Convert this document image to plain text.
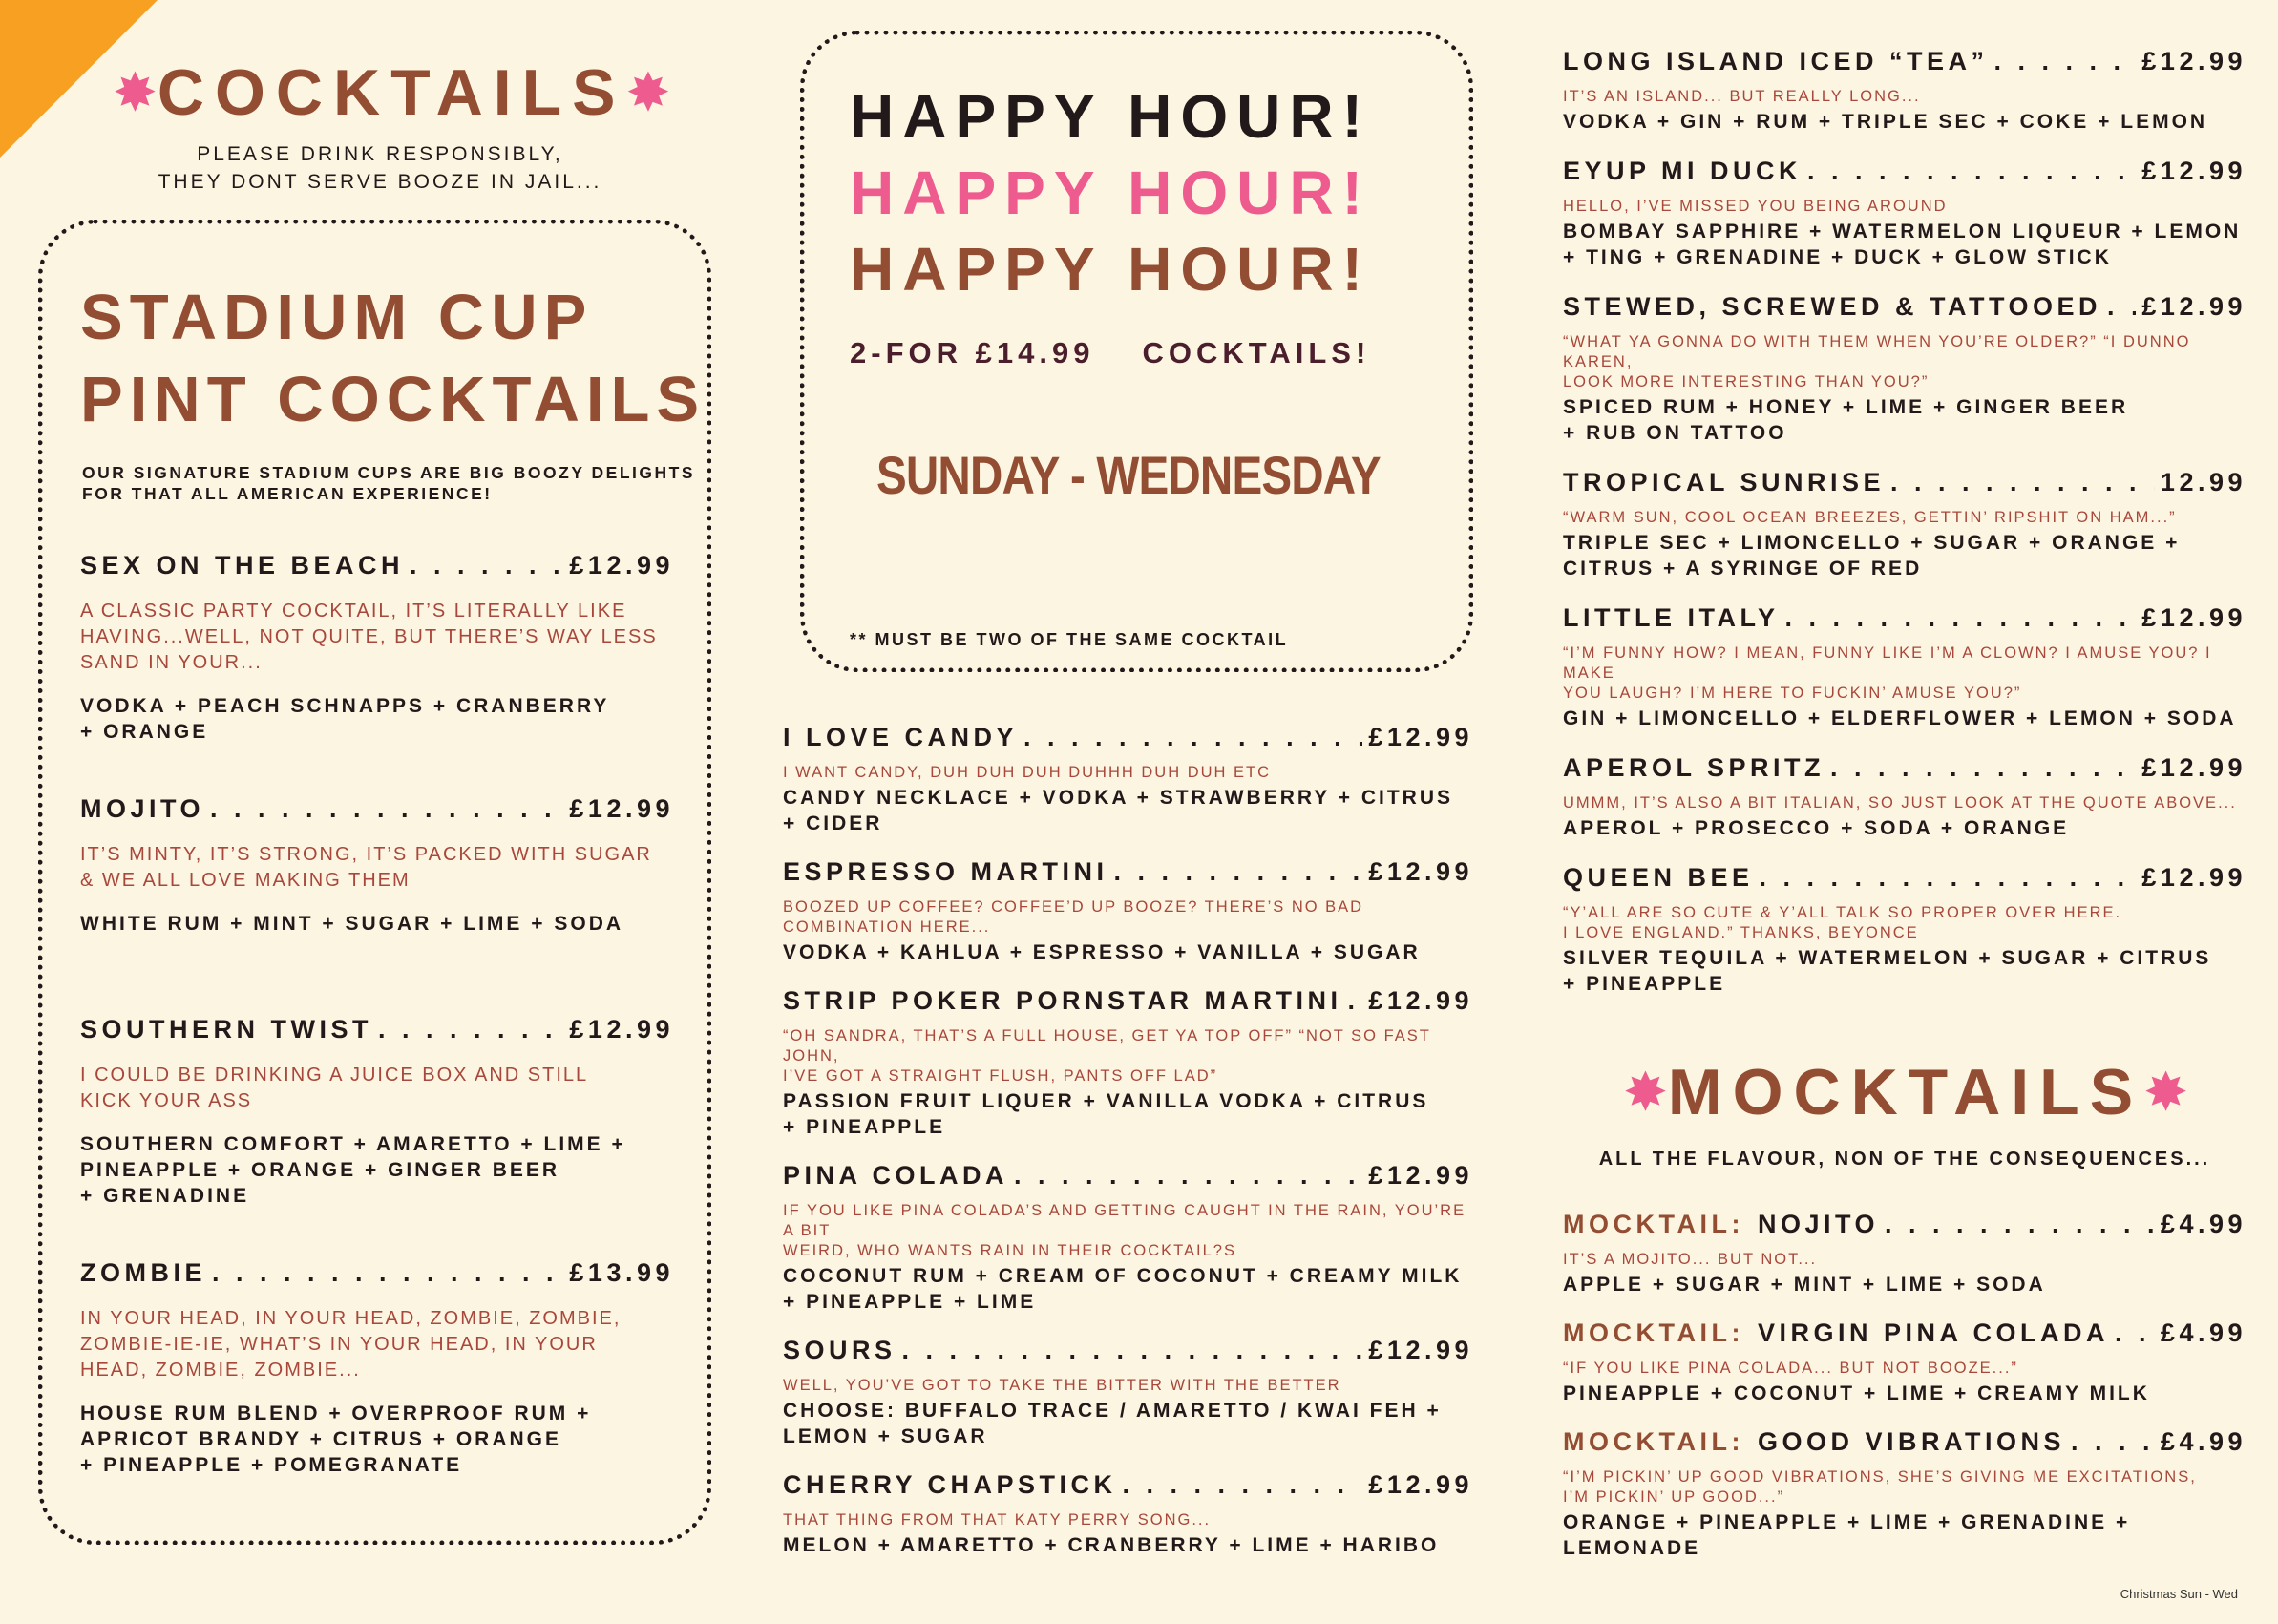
✸ COCKTAILS ✸
PLEASE DRINK RESPONSIBLY,
THEY DONT SERVE BOOZE IN JAIL...
STADIUM CUP
PINT COCKTAILS
OUR SIGNATURE STADIUM CUPS ARE BIG BOOZY DELIGHTS
FOR THAT ALL AMERICAN EXPERIENCE!
SEX ON THE BEACH . . .	£12.99
A CLASSIC PARTY COCKTAIL, IT’S LITERALLY LIKE
HAVING...WELL, NOT QUITE, BUT THERE’S WAY LESS
SAND IN YOUR...
VODKA + PEACH SCHNAPPS + CRANBERRY
+ ORANGE
MOJITO . . .	£12.99
IT’S MINTY, IT’S STRONG, IT’S PACKED WITH SUGAR
& WE ALL LOVE MAKING THEM
WHITE RUM + MINT + SUGAR + LIME + SODA
SOUTHERN TWIST . . .	£12.99
I COULD BE DRINKING A JUICE BOX AND STILL
KICK YOUR ASS
SOUTHERN COMFORT + AMARETTO + LIME +
PINEAPPLE + ORANGE + GINGER BEER
+ GRENADINE
ZOMBIE . . .	£13.99
IN YOUR HEAD, IN YOUR HEAD, ZOMBIE, ZOMBIE,
ZOMBIE-IE-IE, WHAT’S IN YOUR HEAD, IN YOUR
HEAD, ZOMBIE, ZOMBIE...
HOUSE RUM BLEND + OVERPROOF RUM +
APRICOT BRANDY + CITRUS + ORANGE
+ PINEAPPLE + POMEGRANATE
HAPPY HOUR!
HAPPY HOUR!
HAPPY HOUR!
2-FOR £14.99 COCKTAILS!
SUNDAY - WEDNESDAY
** MUST BE TWO OF THE SAME COCKTAIL
I LOVE CANDY . . .	£12.99
I WANT CANDY, DUH DUH DUH DUHHH DUH DUH ETC
CANDY NECKLACE + VODKA + STRAWBERRY + CITRUS
+ CIDER
ESPRESSO MARTINI . . .	£12.99
BOOZED UP COFFEE? COFFEE’D UP BOOZE? THERE’S NO BAD COMBINATION HERE...
VODKA + KAHLUA + ESPRESSO + VANILLA + SUGAR
STRIP POKER PORNSTAR MARTINI . . . £12.99
“OH SANDRA, THAT’S A FULL HOUSE, GET YA TOP OFF” “NOT SO FAST JOHN,
I’VE GOT A STRAIGHT FLUSH, PANTS OFF LAD”
PASSION FRUIT LIQUER + VANILLA VODKA + CITRUS
+ PINEAPPLE
PINA COLADA . . .	£12.99
IF YOU LIKE PINA COLADA’S AND GETTING CAUGHT IN THE RAIN, YOU’RE A BIT
WEIRD, WHO WANTS RAIN IN THEIR COCKTAIL?S
COCONUT RUM + CREAM OF COCONUT + CREAMY MILK
+ PINEAPPLE + LIME
SOURS . . .	£12.99
WELL, YOU’VE GOT TO TAKE THE BITTER WITH THE BETTER
CHOOSE: BUFFALO TRACE / AMARETTO / KWAI FEH +
LEMON + SUGAR
CHERRY CHAPSTICK . . .	£12.99
THAT THING FROM THAT KATY PERRY SONG...
MELON + AMARETTO + CRANBERRY + LIME + HARIBO
LONG ISLAND ICED “TEA” . . .	£12.99
IT’S AN ISLAND... BUT REALLY LONG...
VODKA + GIN + RUM + TRIPLE SEC + COKE + LEMON
EYUP MI DUCK . . .	£12.99
HELLO, I’VE MISSED YOU BEING AROUND
BOMBAY SAPPHIRE + WATERMELON LIQUEUR + LEMON
+ TING + GRENADINE + DUCK + GLOW STICK
STEWED, SCREWED & TATTOOED . . . £12.99
“WHAT YA GONNA DO WITH THEM WHEN YOU’RE OLDER?” “I DUNNO KAREN,
LOOK MORE INTERESTING THAN YOU?”
SPICED RUM + HONEY + LIME + GINGER BEER
+ RUB ON TATTOO
TROPICAL SUNRISE . . .	12.99
“WARM SUN, COOL OCEAN BREEZES, GETTIN’ RIPSHIT ON HAM...”
TRIPLE SEC + LIMONCELLO + SUGAR + ORANGE +
CITRUS + A SYRINGE OF RED
LITTLE ITALY . . .	£12.99
“I’M FUNNY HOW? I MEAN, FUNNY LIKE I’M A CLOWN? I AMUSE YOU? I MAKE
YOU LAUGH? I’M HERE TO FUCKIN’ AMUSE YOU?”
GIN + LIMONCELLO + ELDERFLOWER + LEMON + SODA
APEROL SPRITZ . . .	£12.99
UMMM, IT’S ALSO A BIT ITALIAN, SO JUST LOOK AT THE QUOTE ABOVE...
APEROL + PROSECCO + SODA + ORANGE
QUEEN BEE . . .	£12.99
“Y’ALL ARE SO CUTE & Y’ALL TALK SO PROPER OVER HERE.
I LOVE ENGLAND.” THANKS, BEYONCE
SILVER TEQUILA + WATERMELON + SUGAR + CITRUS
+ PINEAPPLE
✸ MOCKTAILS ✸
ALL THE FLAVOUR, NON OF THE CONSEQUENCES...
MOCKTAIL: NOJITO . . .	£4.99
IT’S A MOJITO... BUT NOT...
APPLE + SUGAR + MINT + LIME + SODA
MOCKTAIL: VIRGIN PINA COLADA . . . £4.99
“IF YOU LIKE PINA COLADA... BUT NOT BOOZE...”
PINEAPPLE + COCONUT + LIME + CREAMY MILK
MOCKTAIL: GOOD VIBRATIONS . . .	£4.99
“I’M PICKIN’ UP GOOD VIBRATIONS, SHE’S GIVING ME EXCITATIONS,
I’M PICKIN’ UP GOOD...”
ORANGE + PINEAPPLE + LIME + GRENADINE + LEMONADE
Christmas Sun - Wed
